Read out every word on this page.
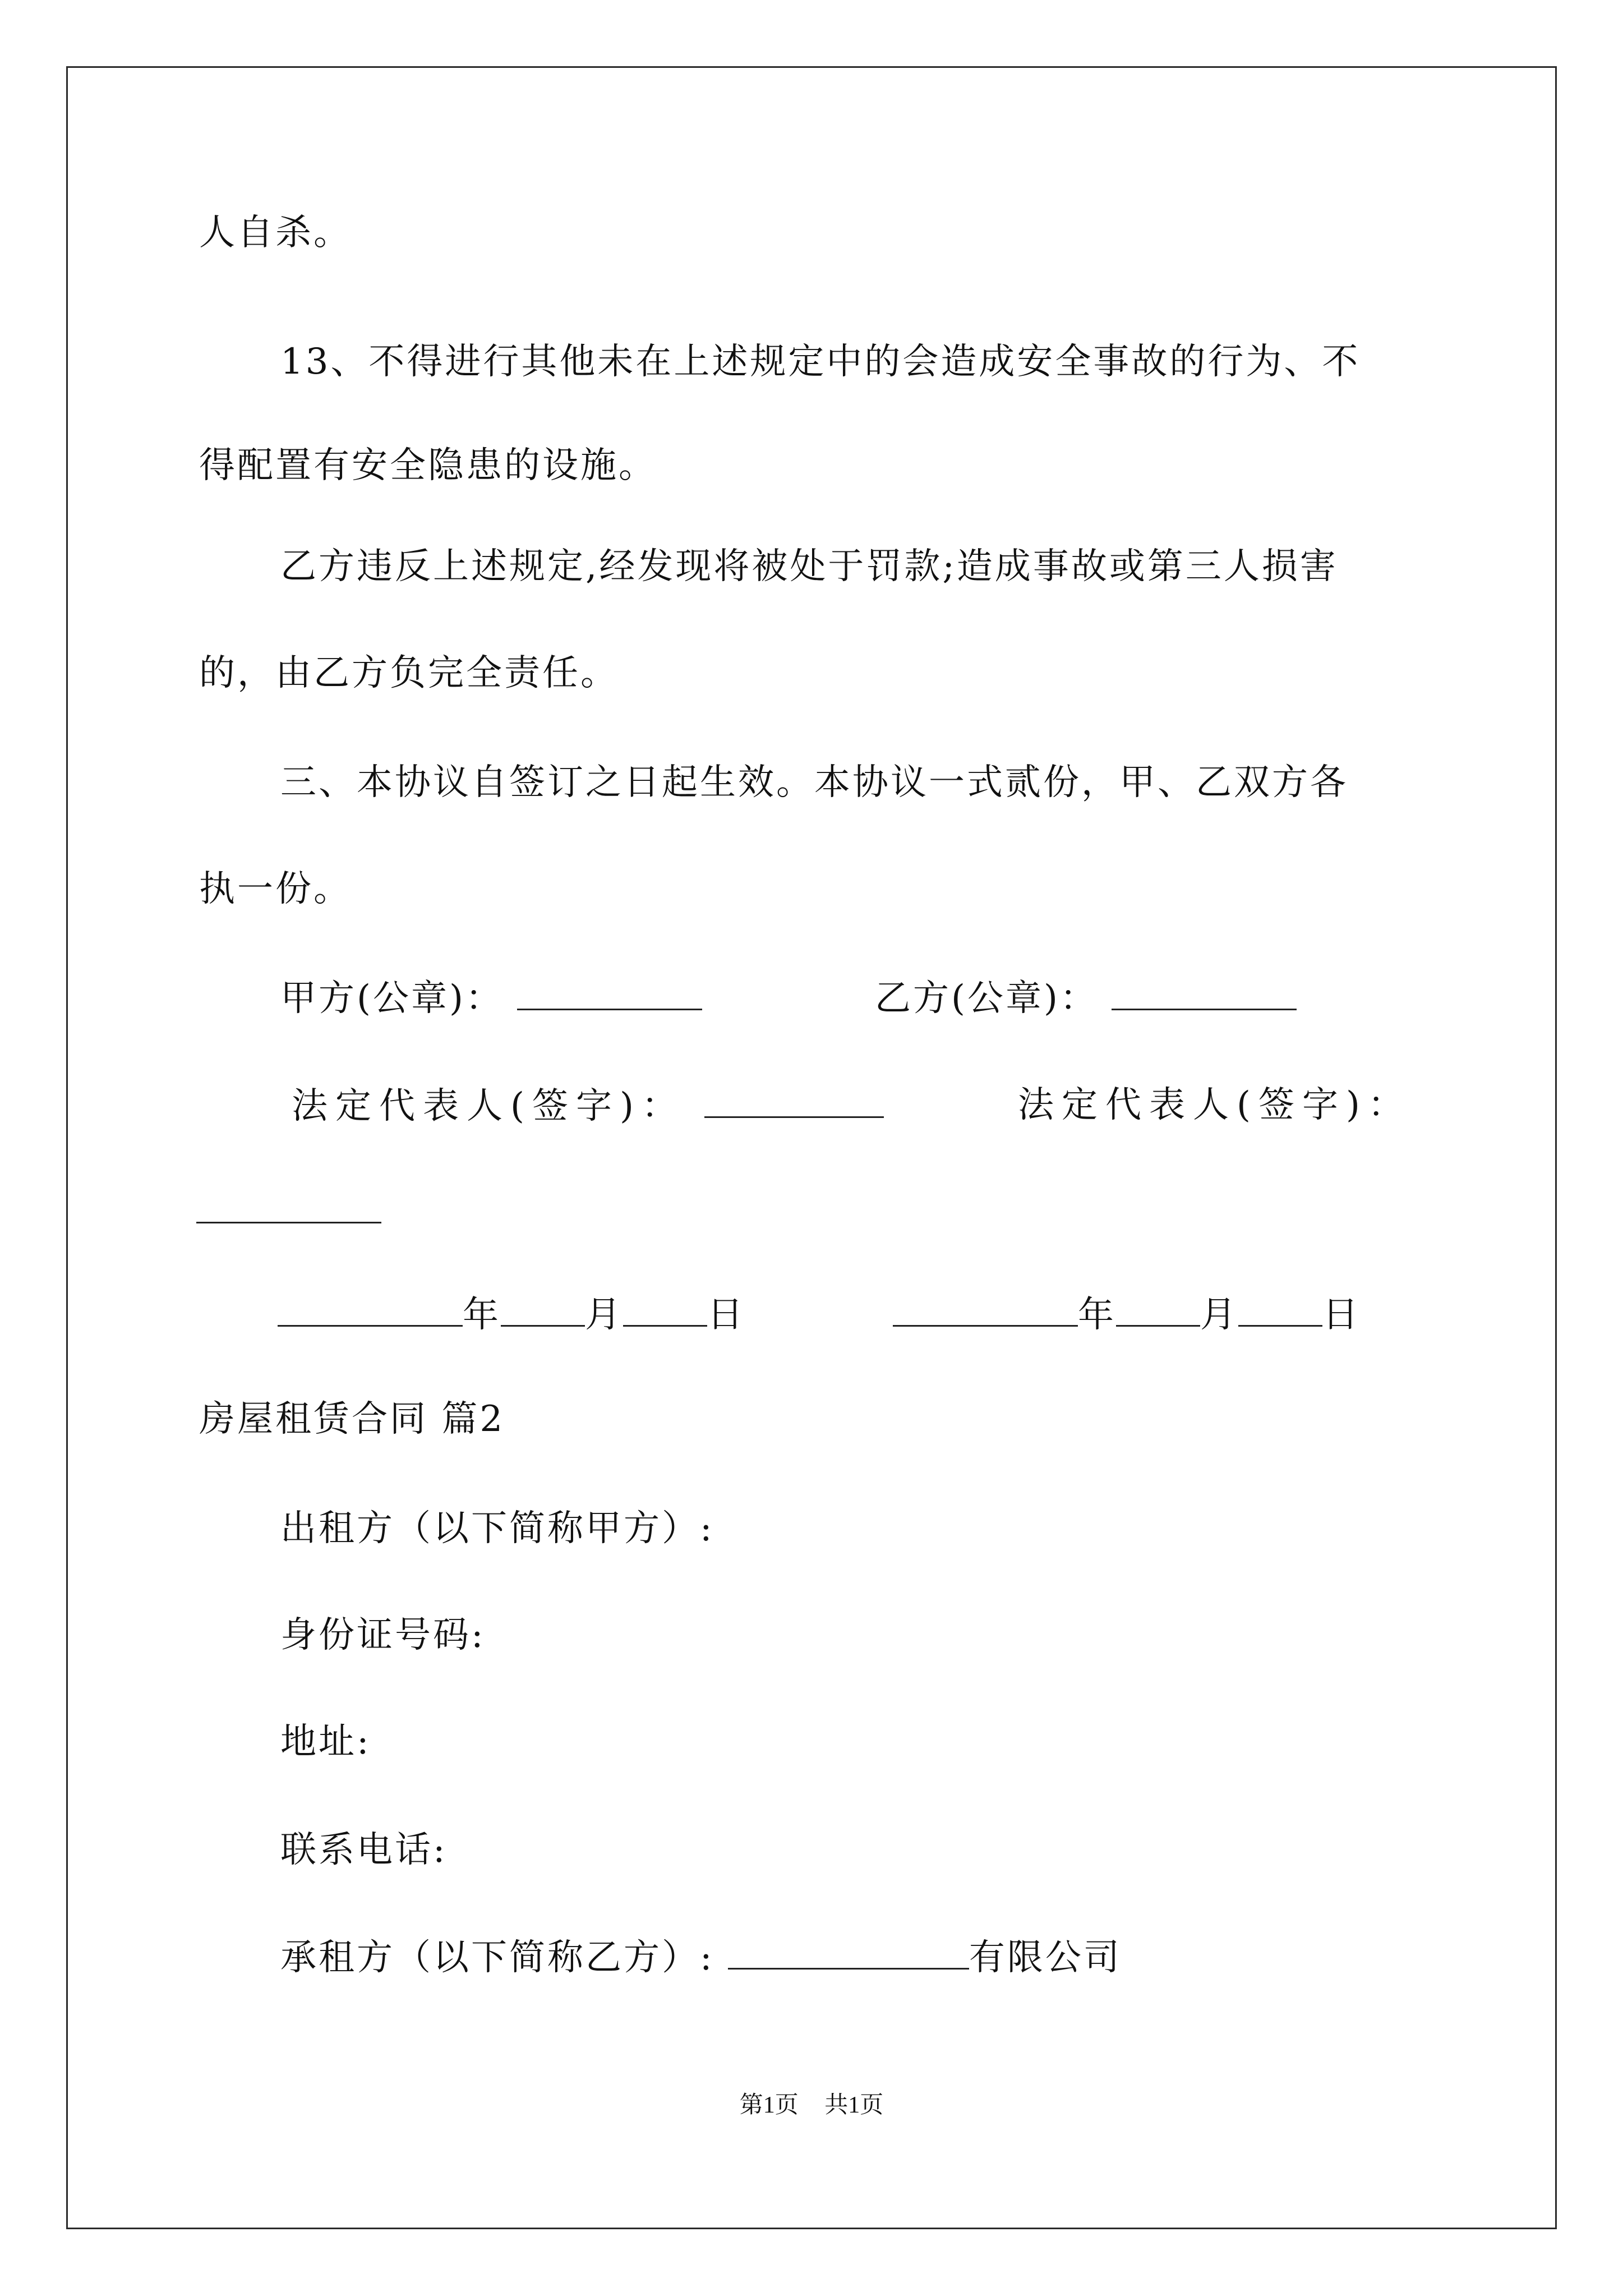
人自杀。
13、不得进行其他未在上述规定中的会造成安全事故的行为、不
得配置有安全隐患的设施。
乙方违反上述规定,经发现将被处于罚款;造成事故或第三人损害
的，由乙方负完全责任。
三、本协议自签订之日起生效。本协议一式贰份，甲、乙双方各
执一份。
甲方(公章)：	乙方(公章)：
法定代表人(签字)：	法定代表人(签字)：
年 月 日	年 月 日
房屋租赁合同 篇2
出租方（以下简称甲方）:
身份证号码:
地址:
联系电话:
承租方（以下简称乙方）:	有限公司
第1页 共1页
